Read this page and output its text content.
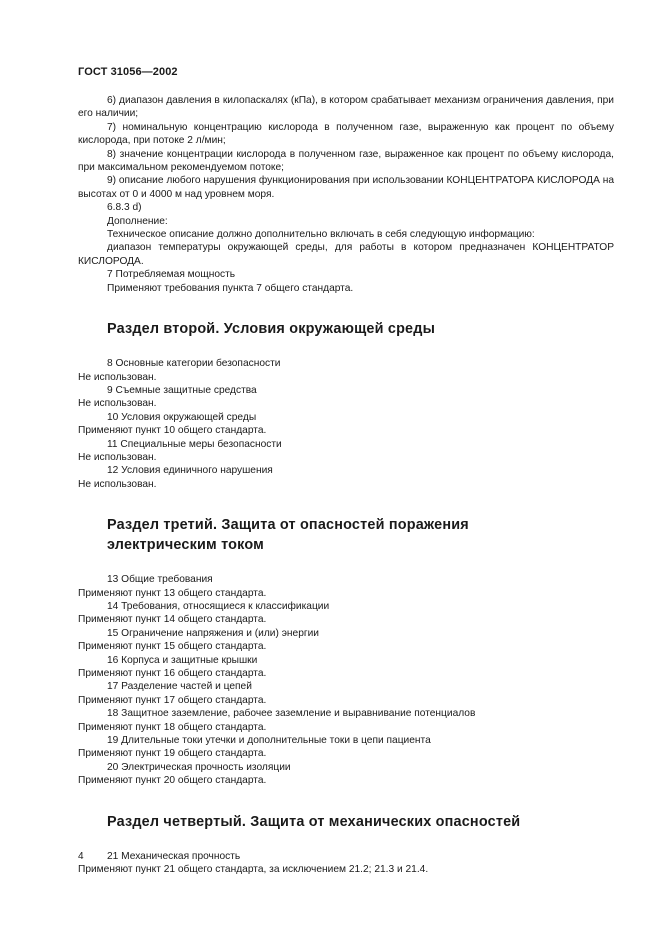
ГОСТ 31056—2002
6) диапазон давления в килопаскалях (кПа), в котором срабатывает механизм ограничения давления, при его наличии;
7) номинальную концентрацию кислорода в полученном газе, выраженную как процент по объему кислорода, при потоке 2 л/мин;
8) значение концентрации кислорода в полученном газе, выраженное как процент по объему кислорода, при максимальном рекомендуемом потоке;
9) описание любого нарушения функционирования при использовании КОНЦЕНТРАТОРА КИСЛОРОДА на высотах от 0 и 4000 м над уровнем моря.
6.8.3 d)
Дополнение:
Техническое описание должно дополнительно включать в себя следующую информацию:
диапазон температуры окружающей среды, для работы в котором предназначен КОНЦЕНТРАТОР КИСЛОРОДА.
7 Потребляемая мощность
Применяют требования пункта 7 общего стандарта.
Раздел второй. Условия окружающей среды
8 Основные категории безопасности
Не использован.
9 Съемные защитные средства
Не использован.
10 Условия окружающей среды
Применяют пункт 10 общего стандарта.
11 Специальные меры безопасности
Не использован.
12 Условия единичного нарушения
Не использован.
Раздел третий. Защита от опасностей поражения
электрическим током
13 Общие требования
Применяют пункт 13 общего стандарта.
14 Требования, относящиеся к классификации
Применяют пункт 14 общего стандарта.
15 Ограничение напряжения и (или) энергии
Применяют пункт 15 общего стандарта.
16 Корпуса и защитные крышки
Применяют пункт 16 общего стандарта.
17 Разделение частей и цепей
Применяют пункт 17 общего стандарта.
18 Защитное заземление, рабочее заземление и выравнивание потенциалов
Применяют пункт 18 общего стандарта.
19 Длительные токи утечки и дополнительные токи в цепи пациента
Применяют пункт 19 общего стандарта.
20 Электрическая прочность изоляции
Применяют пункт 20 общего стандарта.
Раздел четвертый. Защита от механических опасностей
21 Механическая прочность
Применяют пункт 21 общего стандарта, за исключением 21.2; 21.3 и 21.4.
4
